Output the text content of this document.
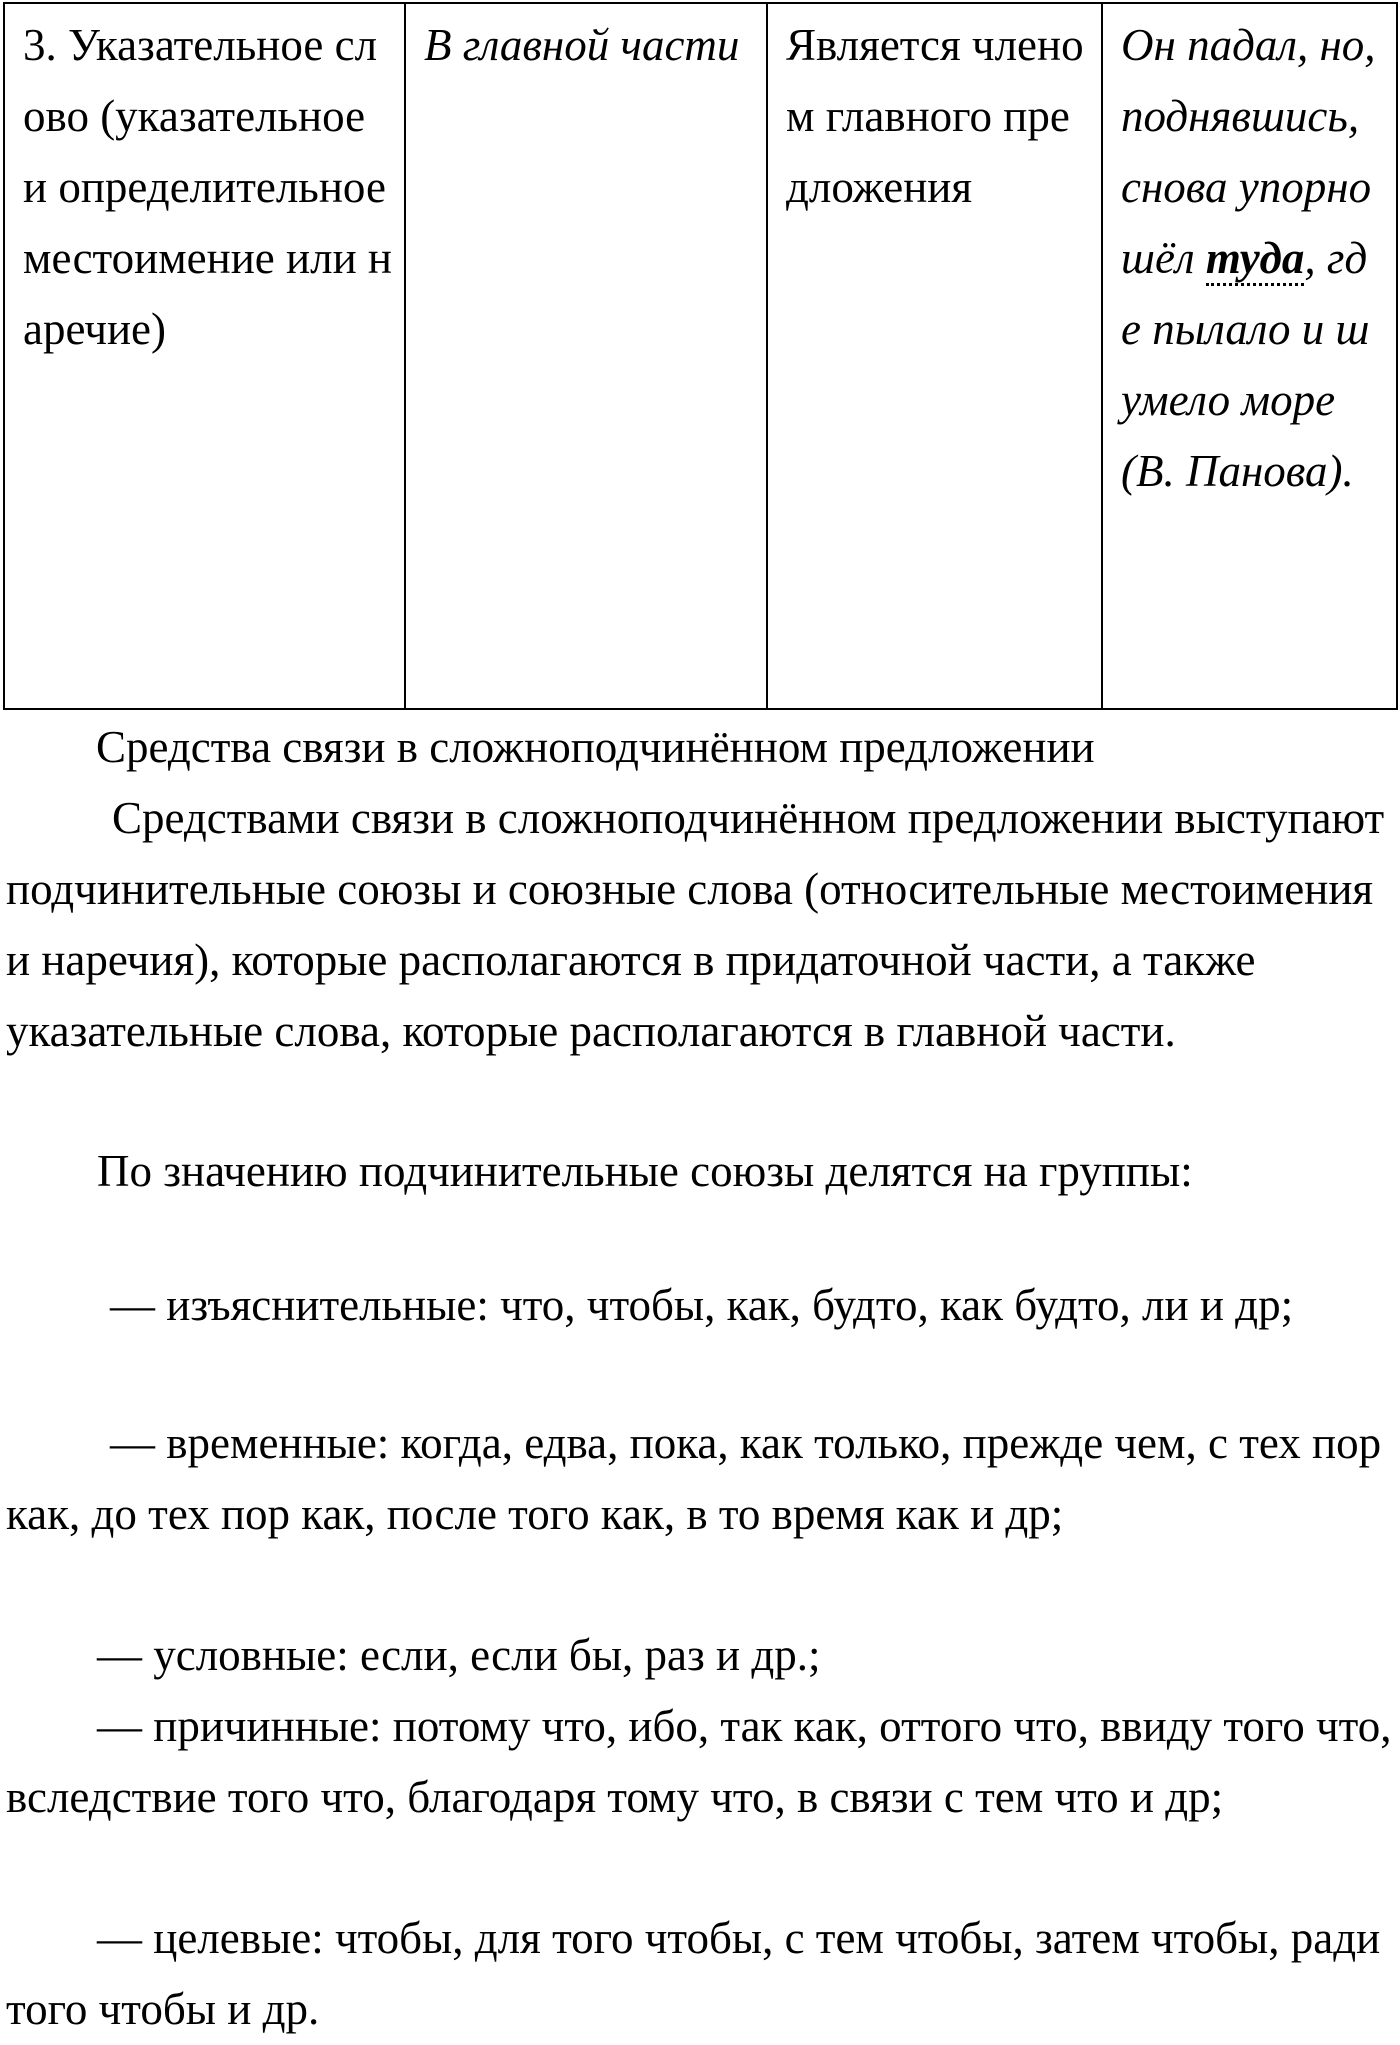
3. Указательное слово (указательное и определительное местоимение или наречие)	В главной части	Является членом главного предложения	Он падал, но, поднявшись, снова упорно шёл туда, где пылало и шумело море (В. Панова).

Средства связи в сложноподчинённом предложении

Средствами связи в сложноподчинённом предложении выступают подчинительные союзы и союзные слова (относительные местоимения и наречия), которые располагаются в придаточной части, а также указательные слова, которые располагаются в главной части.

По значению подчинительные союзы делятся на группы:

— изъяснительные: что, чтобы, как, будто, как будто, ли и др;

— временные: когда, едва, пока, как только, прежде чем, с тех пор как, до тех пор как, после того как, в то время как и др;

— условные: если, если бы, раз и др.;

— причинные: потому что, ибо, так как, оттого что, ввиду того что, вследствие того что, благодаря тому что, в связи с тем что и др;

— целевые: чтобы, для того чтобы, с тем чтобы, затем чтобы, ради того чтобы и др.
